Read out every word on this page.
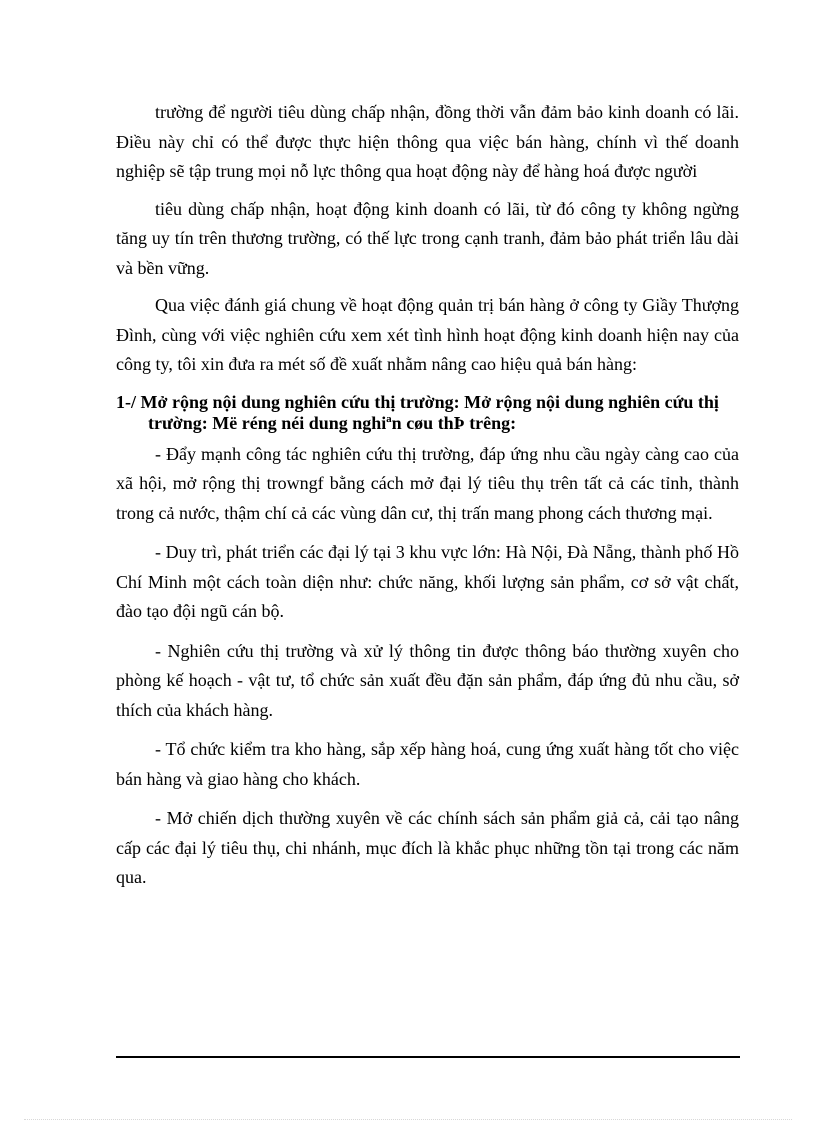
trường để người tiêu dùng chấp nhận, đồng thời vẫn đảm bảo kinh doanh có lãi. Điều này chỉ có thể được thực hiện thông qua việc bán hàng, chính vì thế doanh nghiệp sẽ tập trung mọi nỗ lực thông qua hoạt động này để hàng hoá được người

tiêu dùng chấp nhận, hoạt động kinh doanh có lãi, từ đó công ty không ngừng tăng uy tín trên thương trường, có thế lực trong cạnh tranh, đảm bảo phát triển lâu dài và bền vững.

Qua việc đánh giá chung về hoạt động quản trị bán hàng ở công ty Giầy Thượng Đình, cùng với việc nghiên cứu xem xét tình hình hoạt động kinh doanh hiện nay của công ty, tôi xin đưa ra mét số đề xuất nhằm nâng cao hiệu quả bán hàng:

1-/ Mở rộng nội dung nghiên cứu thị trường: Mở rộng nội dung nghiên cứu thị trường: Më réng néi dung nghiªn cøu thÞ trêng:

- Đẩy mạnh công tác nghiên cứu thị trường, đáp ứng nhu cầu ngày càng cao của xã hội, mở rộng thị trowngf bằng cách mở đại lý tiêu thụ trên tất cả các tỉnh, thành trong cả nước, thậm chí cả các vùng dân cư, thị trấn mang phong cách thương mại.

- Duy trì, phát triển các đại lý tại 3 khu vực lớn: Hà Nội, Đà Nẵng, thành phố Hồ Chí Minh một cách toàn diện như: chức năng, khối lượng sản phẩm, cơ sở vật chất, đào tạo đội ngũ cán bộ.

- Nghiên cứu thị trường và xử lý thông tin được thông báo thường xuyên cho phòng kế hoạch - vật tư, tổ chức sản xuất đều đặn sản phẩm, đáp ứng đủ nhu cầu, sở thích của khách hàng.

- Tổ chức kiểm tra kho hàng, sắp xếp hàng hoá, cung ứng xuất hàng tốt cho việc bán hàng và giao hàng cho khách.

- Mở chiến dịch thường xuyên về các chính sách sản phẩm giả cả, cải tạo nâng cấp các đại lý tiêu thụ, chi nhánh, mục đích là khắc phục những tồn tại trong các năm qua.
